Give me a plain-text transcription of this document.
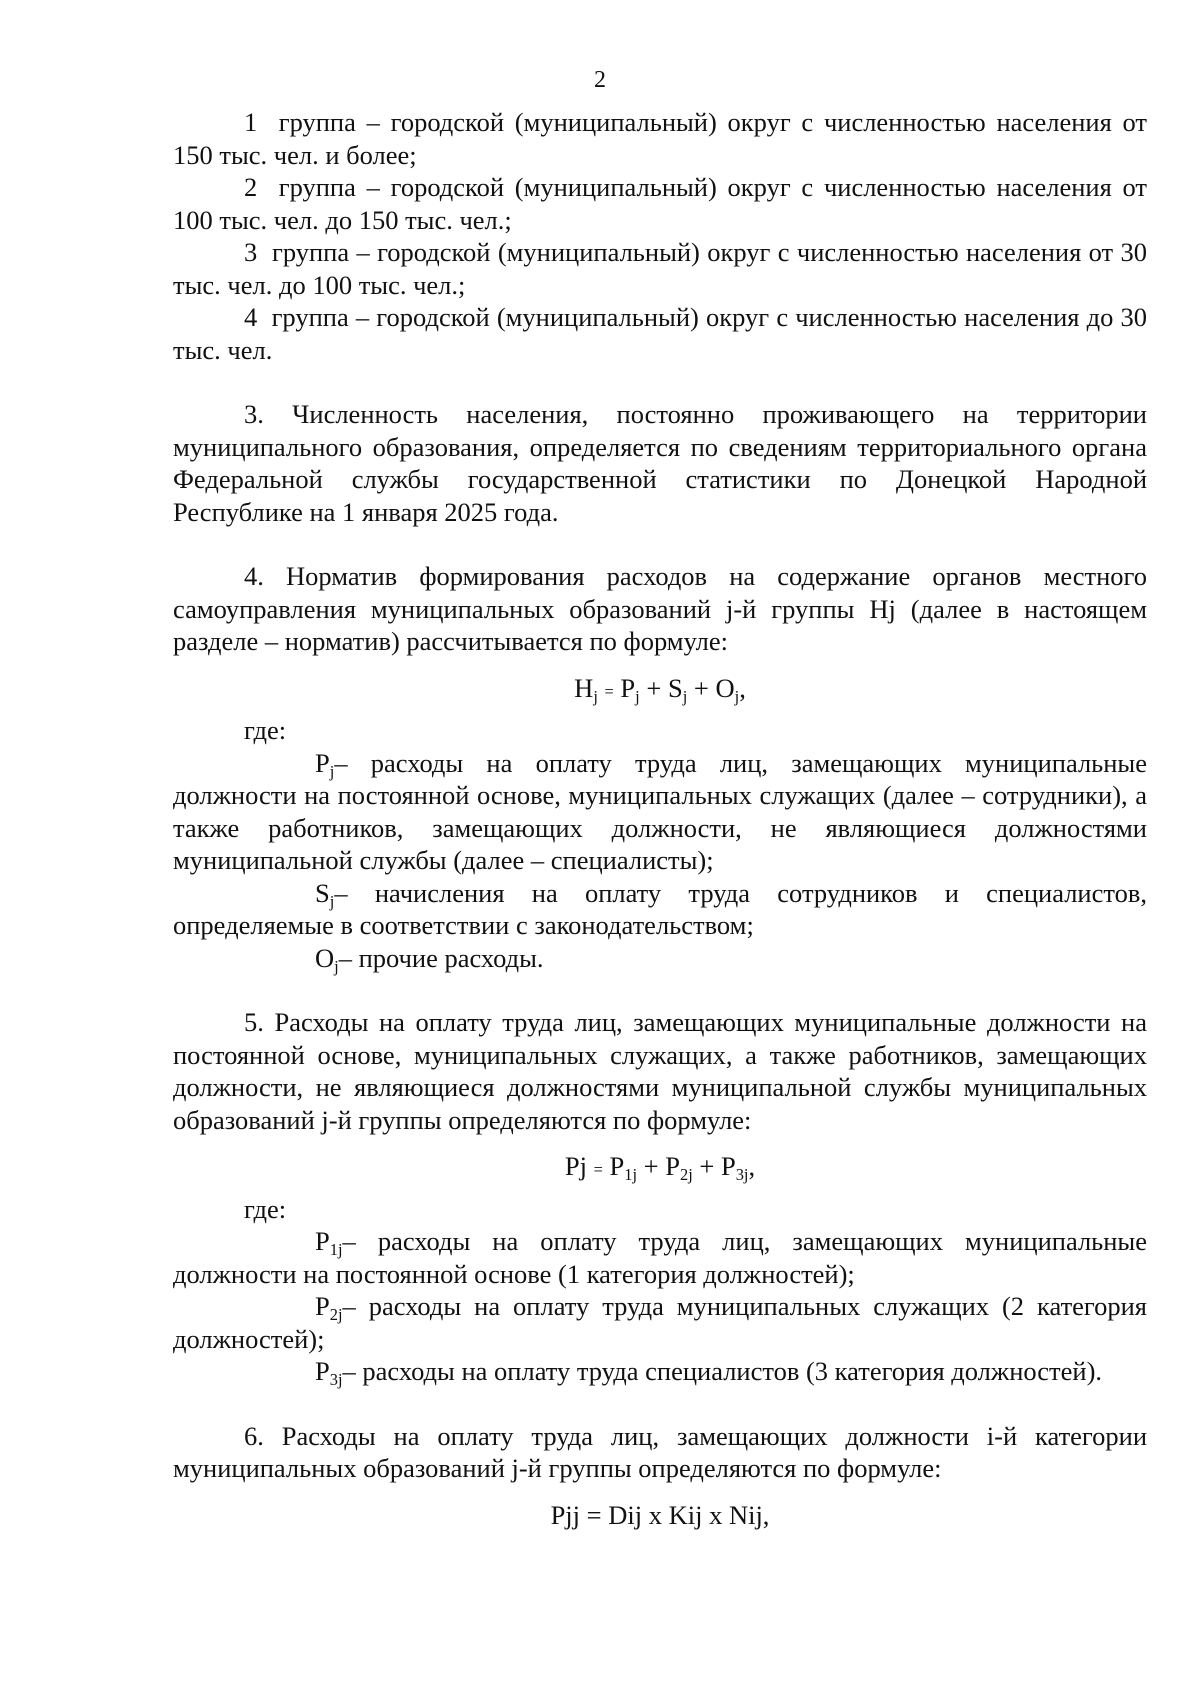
2

1 группа – городской (муниципальный) округ с численностью населения от 150 тыс. чел. и более;

2 группа – городской (муниципальный) округ с численностью населения от 100 тыс. чел. до 150 тыс. чел.;

3 группа – городской (муниципальный) округ с численностью населения от 30 тыс. чел. до 100 тыс. чел.;

4 группа – городской (муниципальный) округ с численностью населения до 30 тыс. чел.

3. Численность населения, постоянно проживающего на территории муниципального образования, определяется по сведениям территориального органа Федеральной службы государственной статистики по Донецкой Народной Республике на 1 января 2025 года.

4. Норматив формирования расходов на содержание органов местного самоуправления муниципальных образований j-й группы Hj (далее в настоящем разделе – норматив) рассчитывается по формуле:

$H_j = P_j + S_j + O_j$,

где:

$P_j-$ расходы на оплату труда лиц, замещающих муниципальные должности на постоянной основе, муниципальных служащих (далее – сотрудники), а также работников, замещающих должности, не являющиеся должностями муниципальной службы (далее – специалисты);

$S_j-$ начисления на оплату труда сотрудников и специалистов, определяемые в соответствии с законодательством;

$O_j-$ прочие расходы.

5. Расходы на оплату труда лиц, замещающих муниципальные должности на постоянной основе, муниципальных служащих, а также работников, замещающих должности, не являющиеся должностями муниципальной службы муниципальных образований j-й группы определяются по формуле:

$Pj = P_{1j} + P_{2j} + P_{3j}$,

где:

$P_{1j}-$ расходы на оплату труда лиц, замещающих муниципальные должности на постоянной основе (1 категория должностей);

$P_{2j}-$ расходы на оплату труда муниципальных служащих (2 категория должностей);

$P_{3j}-$ расходы на оплату труда специалистов (3 категория должностей).

6. Расходы на оплату труда лиц, замещающих должности i-й категории муниципальных образований j-й группы определяются по формуле:

Pjj = Dij x Kij x Nij,
